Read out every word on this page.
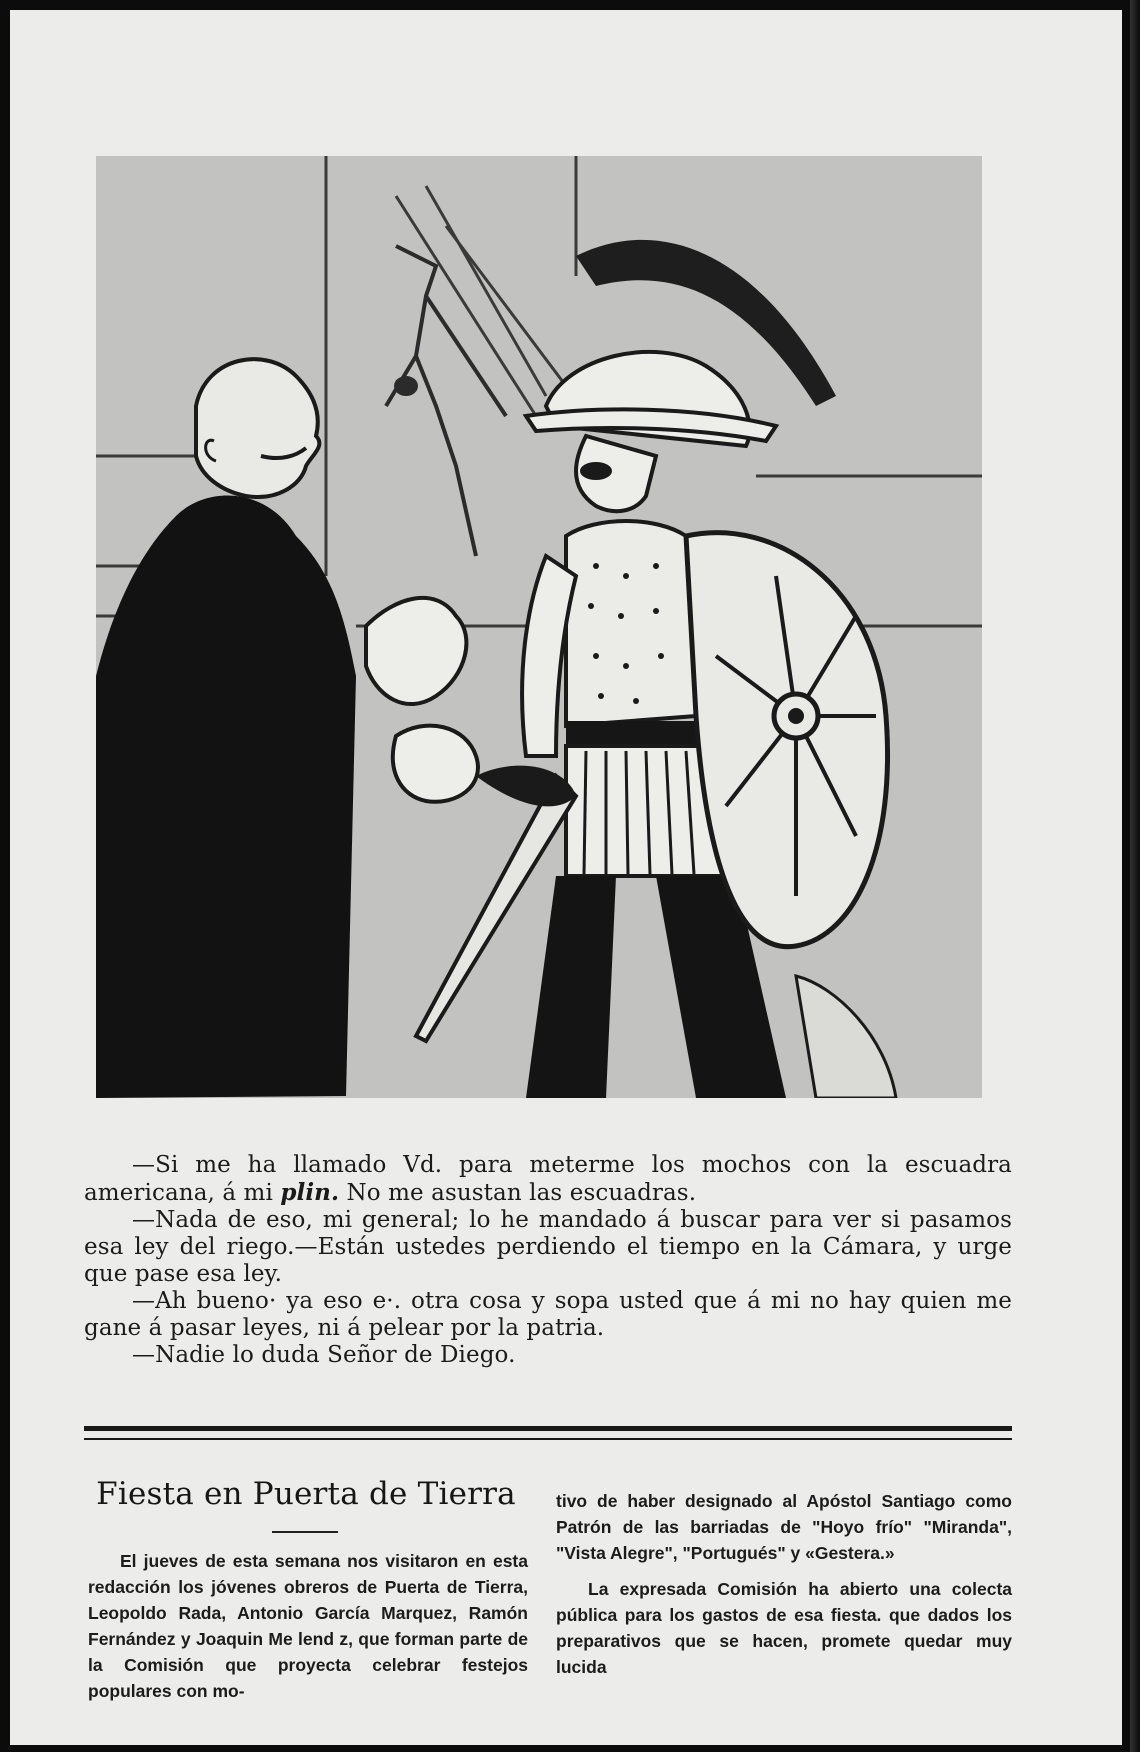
—Si me ha llamado Vd. para meterme los mochos con la escuadra americana, á mi plin. No me asustan las escuadras.

—Nada de eso, mi general; lo he mandado á buscar para ver si pasamos esa ley del riego.—Están ustedes perdiendo el tiempo en la Cámara, y urge que pase esa ley.

—Ah bueno· ya eso e·. otra cosa y sopa usted que á mi no hay quien me gane á pasar leyes, ni á pelear por la patria.

—Nadie lo duda Señor de Diego.

Fiesta en Puerta de Tierra

El jueves de esta semana nos visitaron en esta redacción los jóvenes obreros de Puerta de Tierra, Leopoldo Rada, Antonio García Marquez, Ramón Fernández y Joaquin Me lend z, que forman parte de la Comisión que proyecta celebrar festejos populares con mo-

tivo de haber designado al Apóstol Santiago como Patrón de las barriadas de "Hoyo frío" "Miranda", "Vista Alegre", "Portugués" y «Gestera.»

La expresada Comisión ha abierto una colecta pública para los gastos de esa fiesta. que dados los preparativos que se hacen, promete quedar muy lucida
